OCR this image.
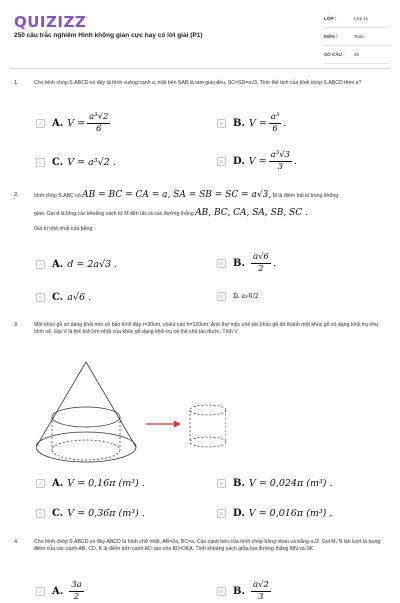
QUIZIZZ
250 câu trắc nghiệm Hình không gian cực hay có lời giải (P1)
LỚP :	Lớp 11
MÔN :	Toán
SỐ CÂU :	25
1.	Cho hình chóp S.ABCD có đáy là hình vuông cạnh a, mặt bên SAB là tam giác đều, SC=SD=a√3. Tính thể tích của khối chóp S.ABCD theo a?
A	A. $V = \frac{\text{a³√2}}{6}$	B	B. $V = \frac{\text{a³}}{6}$ .
C C. V = a³√2 .	D D. $V = \frac{\text{a³√3}}{3}$ .
2.	hình chóp S.ABC có AB = BC = CA = a, SA = SB = SC = a√3, M là điểm bất kì trong không
gian. Gọi d là tổng các khoảng cách từ M đến tất cả các đường thẳng AB, BC, CA, SA, SB, SC .
Giá trị nhỏ nhất của bằng:
A	A. d = 2a√3 .	B	B. $\frac{a√6}{2}$ .
C C. a√6 .	D	D. a√6/2
3.	Một khúc gỗ có dạng khối nón có bán kính đáy r=30cm, chiều cao h=120cm. Anh thợ mộc chế tác khúc gỗ đó thành một khúc gỗ có dạng khối trụ như hình vẽ. Gọi V là thể tích lớn nhất của khúc gỗ dạng khối trụ có thể chế tác được. Tính V
A	A. V = 0,16π (m³) .	B	B. V = 0,024π (m³) .
C C. V = 0,36π (m³) .	D D. V = 0,016π (m³) .
4.	Cho hình chóp S.ABCD có đáy ABCD là hình chữ nhật, AB=2a, BC=a. Các cạnh bên của hình chóp bằng nhau và bằng a√2. Gọi M, N lần lượt là trung điểm của các cạnh AB, CD, K là điểm trên cạnh AD sao cho KD=2KA. Tính khoảng cách giữa hai đường thẳng MN và SK.
A	A. $\frac{3a}{2}$	B	B. $\frac{a√2}{3}$
